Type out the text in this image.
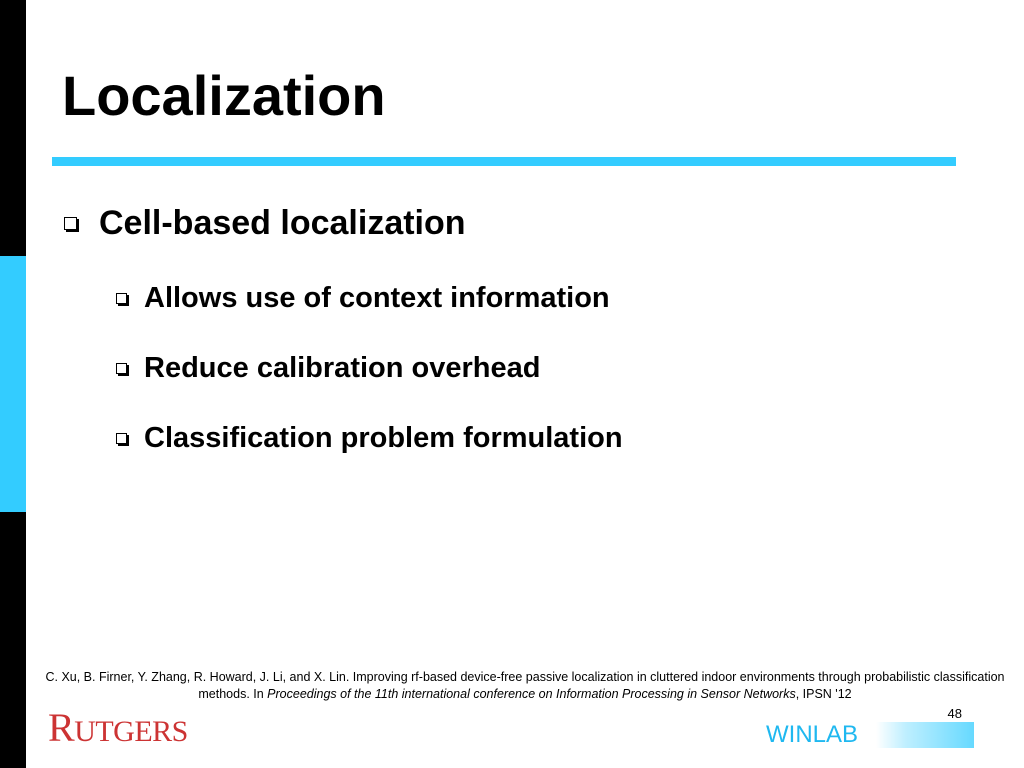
Localization
Cell-based localization
Allows use of context information
Reduce calibration overhead
Classification problem formulation
C. Xu, B. Firner, Y. Zhang, R. Howard, J. Li, and X. Lin. Improving rf-based device-free passive localization in cluttered indoor environments through probabilistic classification methods. In Proceedings of the 11th international conference on Information Processing in Sensor Networks, IPSN '12
48
RUTGERS	WINLAB
